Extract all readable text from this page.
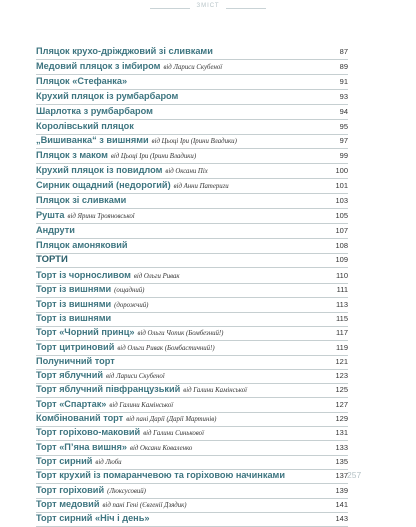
ЗМІСТ
Пляцок крухо-дріжджовий зі сливками	87
Медовий пляцок з імбиром від Лариси Скубеної	89
Пляцок «Стефанка»	91
Крухий пляцок із румбарбаром	93
Шарлотка з румбарбаром	94
Королівський пляцок	95
„Вишиванка“ з вишнями від Цьоці Іри (Ірини Владики)	97
Пляцок з маком від Цьоці Іри (Ірини Владики)	99
Крухий пляцок із повидлом від Оксани Піх	100
Сирник ощадний (недорогий) від Анни Патериги	101
Пляцок зі сливками	103
Рушта від Ярини Трояновської	105
Андрути	107
Пляцок амоняковий	108
ТОРТИ	109
Торт із чорносливом від Ольги Ривак	110
Торт із вишнями (ощадний)	111
Торт із вишнями (дорожчий)	113
Торт із вишнями	115
Торт «Чорний принц» від Ольги Чопик (Бомбезний!)	117
Торт цитриновий від Ольги Ривак (Бомбастичний!)	119
Полуничний торт	121
Торт яблучний від Лариси Скубеної	123
Торт яблучний півфранцузький від Галини Камінської	125
Торт «Спартак» від Галини Камінської	127
Комбінований торт від пані Дарії (Дарії Мартинів)	129
Торт горіхово-маковий від Галини Синькової	131
Торт «П’яна вишня» від Оксани Коваленко	133
Торт сирний від Люби	135
Торт крухий із помаранчевою та горіховою начинками	137
Торт горіховий (Люксусовий)	139
Торт медовий від пані Гені (Євгенії Дзядик)	141
Торт сирний «Ніч і день»	143
257
